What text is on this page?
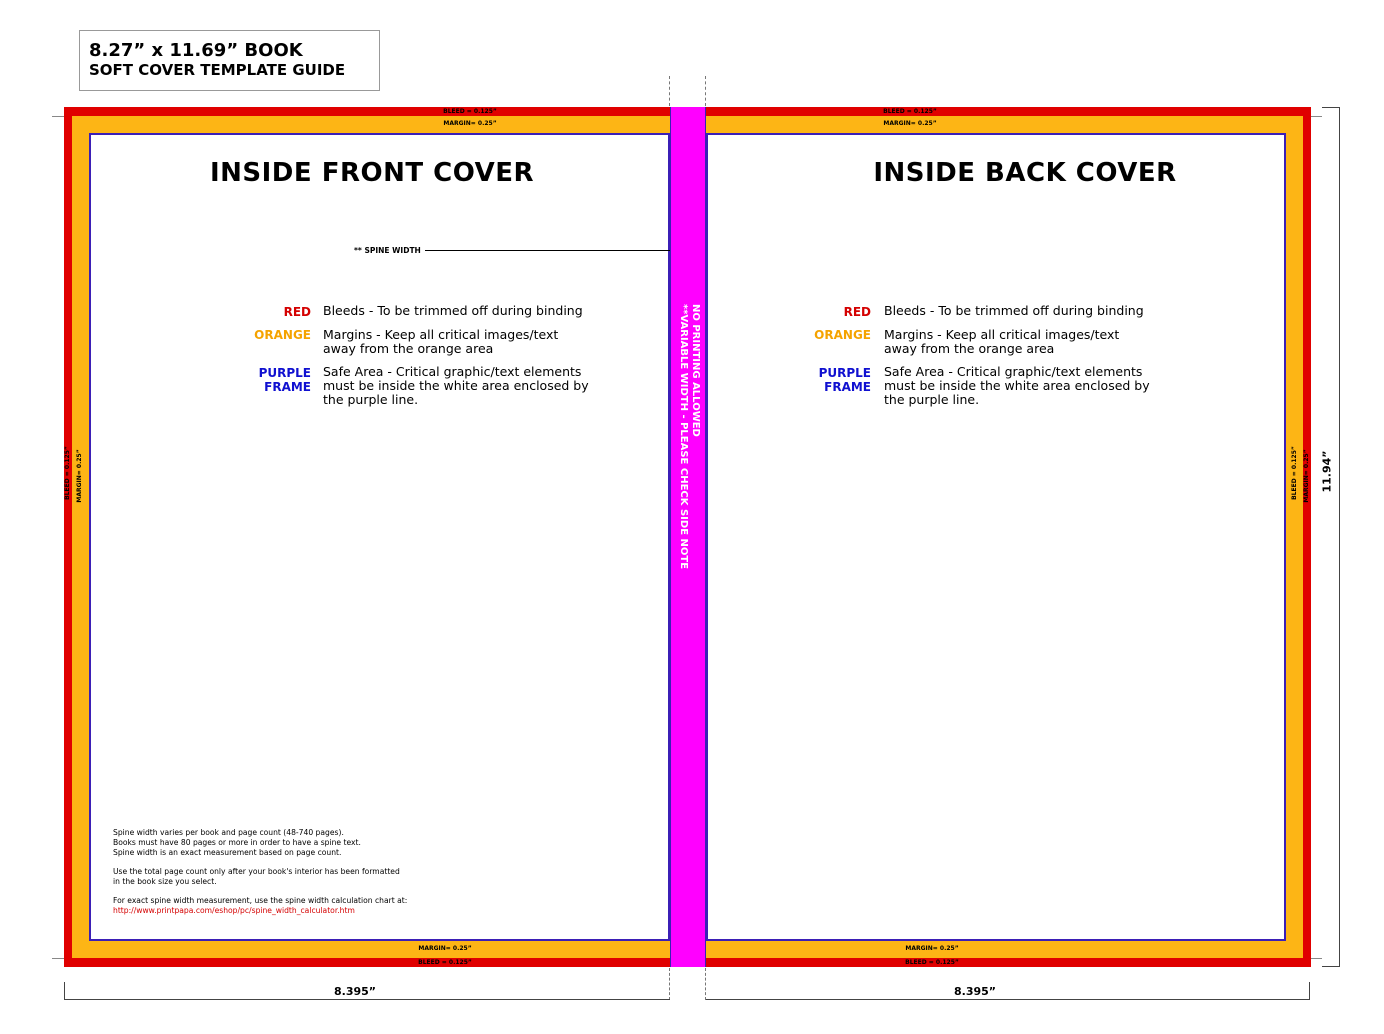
8.27” x 11.69” BOOK
SOFT COVER TEMPLATE GUIDE
BLEED = 0.125”
MARGIN= 0.25”
MARGIN= 0.25”
BLEED = 0.125”
BLEED = 0.125” MARGIN= 0.25”
INSIDE FRONT COVER
** SPINE WIDTH
RED Bleeds - To be trimmed off during binding
ORANGE Margins - Keep all critical images/text
away from the orange area
PURPLE
FRAME
Safe Area - Critical graphic/text elements
must be inside the white area enclosed by
the purple line.
Spine width varies per book and page count (48-740 pages).
Books must have 80 pages or more in order to have a spine text.
Spine width is an exact measurement based on page count.
Use the total page count only after your book's interior has been formatted
in the book size you select.
For exact spine width measurement, use the spine width calculation chart at:
http://www.printpapa.com/eshop/pc/spine_width_calculator.htm
NO PRINTING ALLOWED
**VARIABLE WIDTH - PLEASE CHECK SIDE NOTE
BLEED = 0.125”
MARGIN= 0.25”
MARGIN= 0.25”
BLEED = 0.125”
BLEED = 0.125” MARGIN= 0.25”
INSIDE BACK COVER
RED Bleeds - To be trimmed off during binding
ORANGE Margins - Keep all critical images/text
away from the orange area
PURPLE
FRAME
Safe Area - Critical graphic/text elements
must be inside the white area enclosed by
the purple line.
8.395”	8.395”
11.94”
